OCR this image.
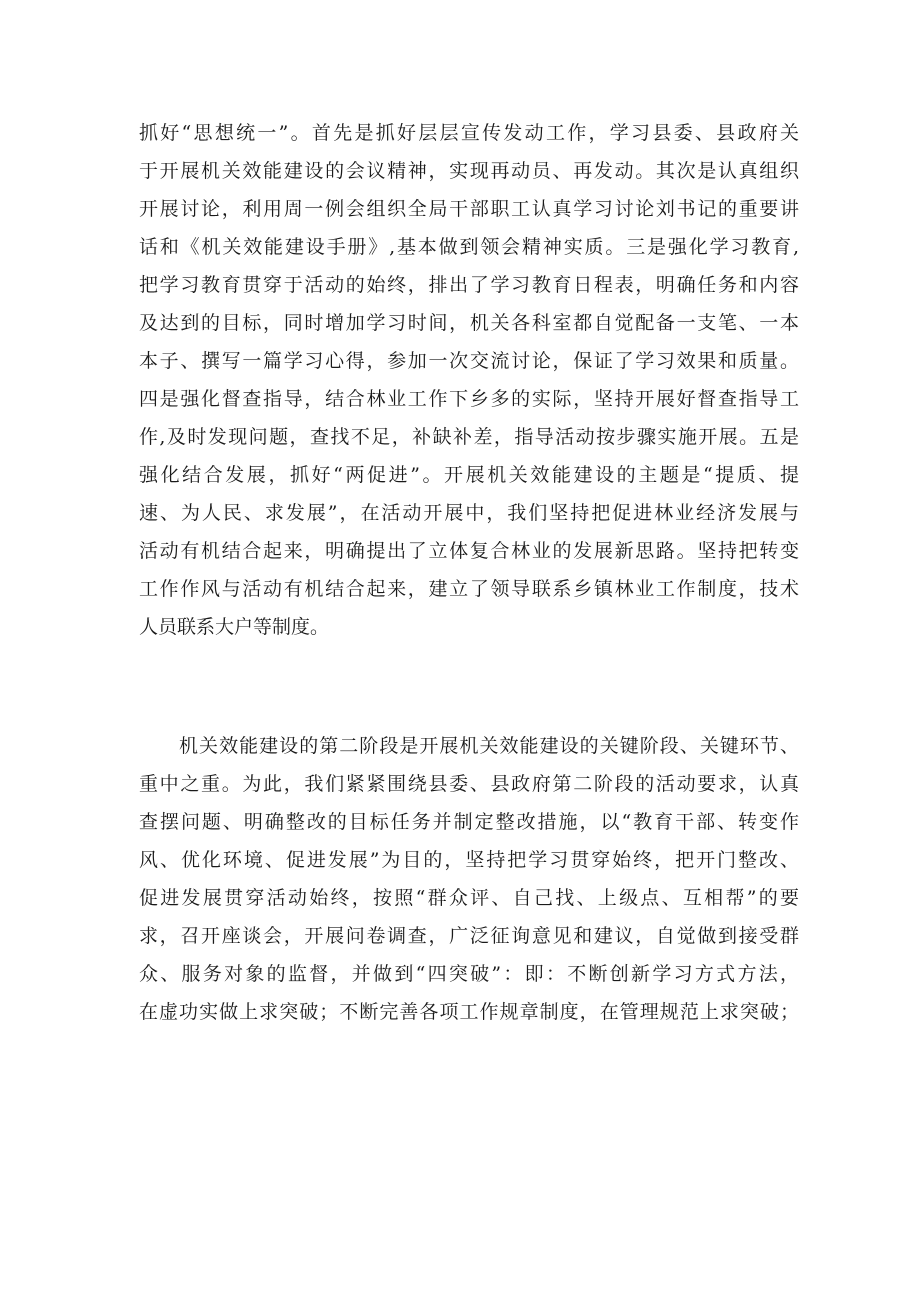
抓好“思想统一”。首先是抓好层层宣传发动工作，学习县委、县政府关
于开展机关效能建设的会议精神，实现再动员、再发动。其次是认真组织
开展讨论，利用周一例会组织全局干部职工认真学习讨论刘书记的重要讲
话和《机关效能建设手册》,基本做到领会精神实质。三是强化学习教育,
把学习教育贯穿于活动的始终，排出了学习教育日程表，明确任务和内容
及达到的目标，同时增加学习时间，机关各科室都自觉配备一支笔、一本
本子、撰写一篇学习心得，参加一次交流讨论，保证了学习效果和质量。
四是强化督查指导，结合林业工作下乡多的实际，坚持开展好督查指导工
作,及时发现问题，查找不足，补缺补差，指导活动按步骤实施开展。五是
强化结合发展，抓好“两促进”。开展机关效能建设的主题是“提质、提
速、为人民、求发展”，在活动开展中，我们坚持把促进林业经济发展与
活动有机结合起来，明确提出了立体复合林业的发展新思路。坚持把转变
工作作风与活动有机结合起来，建立了领导联系乡镇林业工作制度，技术
人员联系大户等制度。
机关效能建设的第二阶段是开展机关效能建设的关键阶段、关键环节、
重中之重。为此，我们紧紧围绕县委、县政府第二阶段的活动要求，认真
查摆问题、明确整改的目标任务并制定整改措施，以“教育干部、转变作
风、优化环境、促进发展”为目的，坚持把学习贯穿始终，把开门整改、
促进发展贯穿活动始终，按照“群众评、自己找、上级点、互相帮”的要
求，召开座谈会，开展问卷调查，广泛征询意见和建议，自觉做到接受群
众、服务对象的监督，并做到“四突破”：即：不断创新学习方式方法，
在虚功实做上求突破；不断完善各项工作规章制度，在管理规范上求突破；
